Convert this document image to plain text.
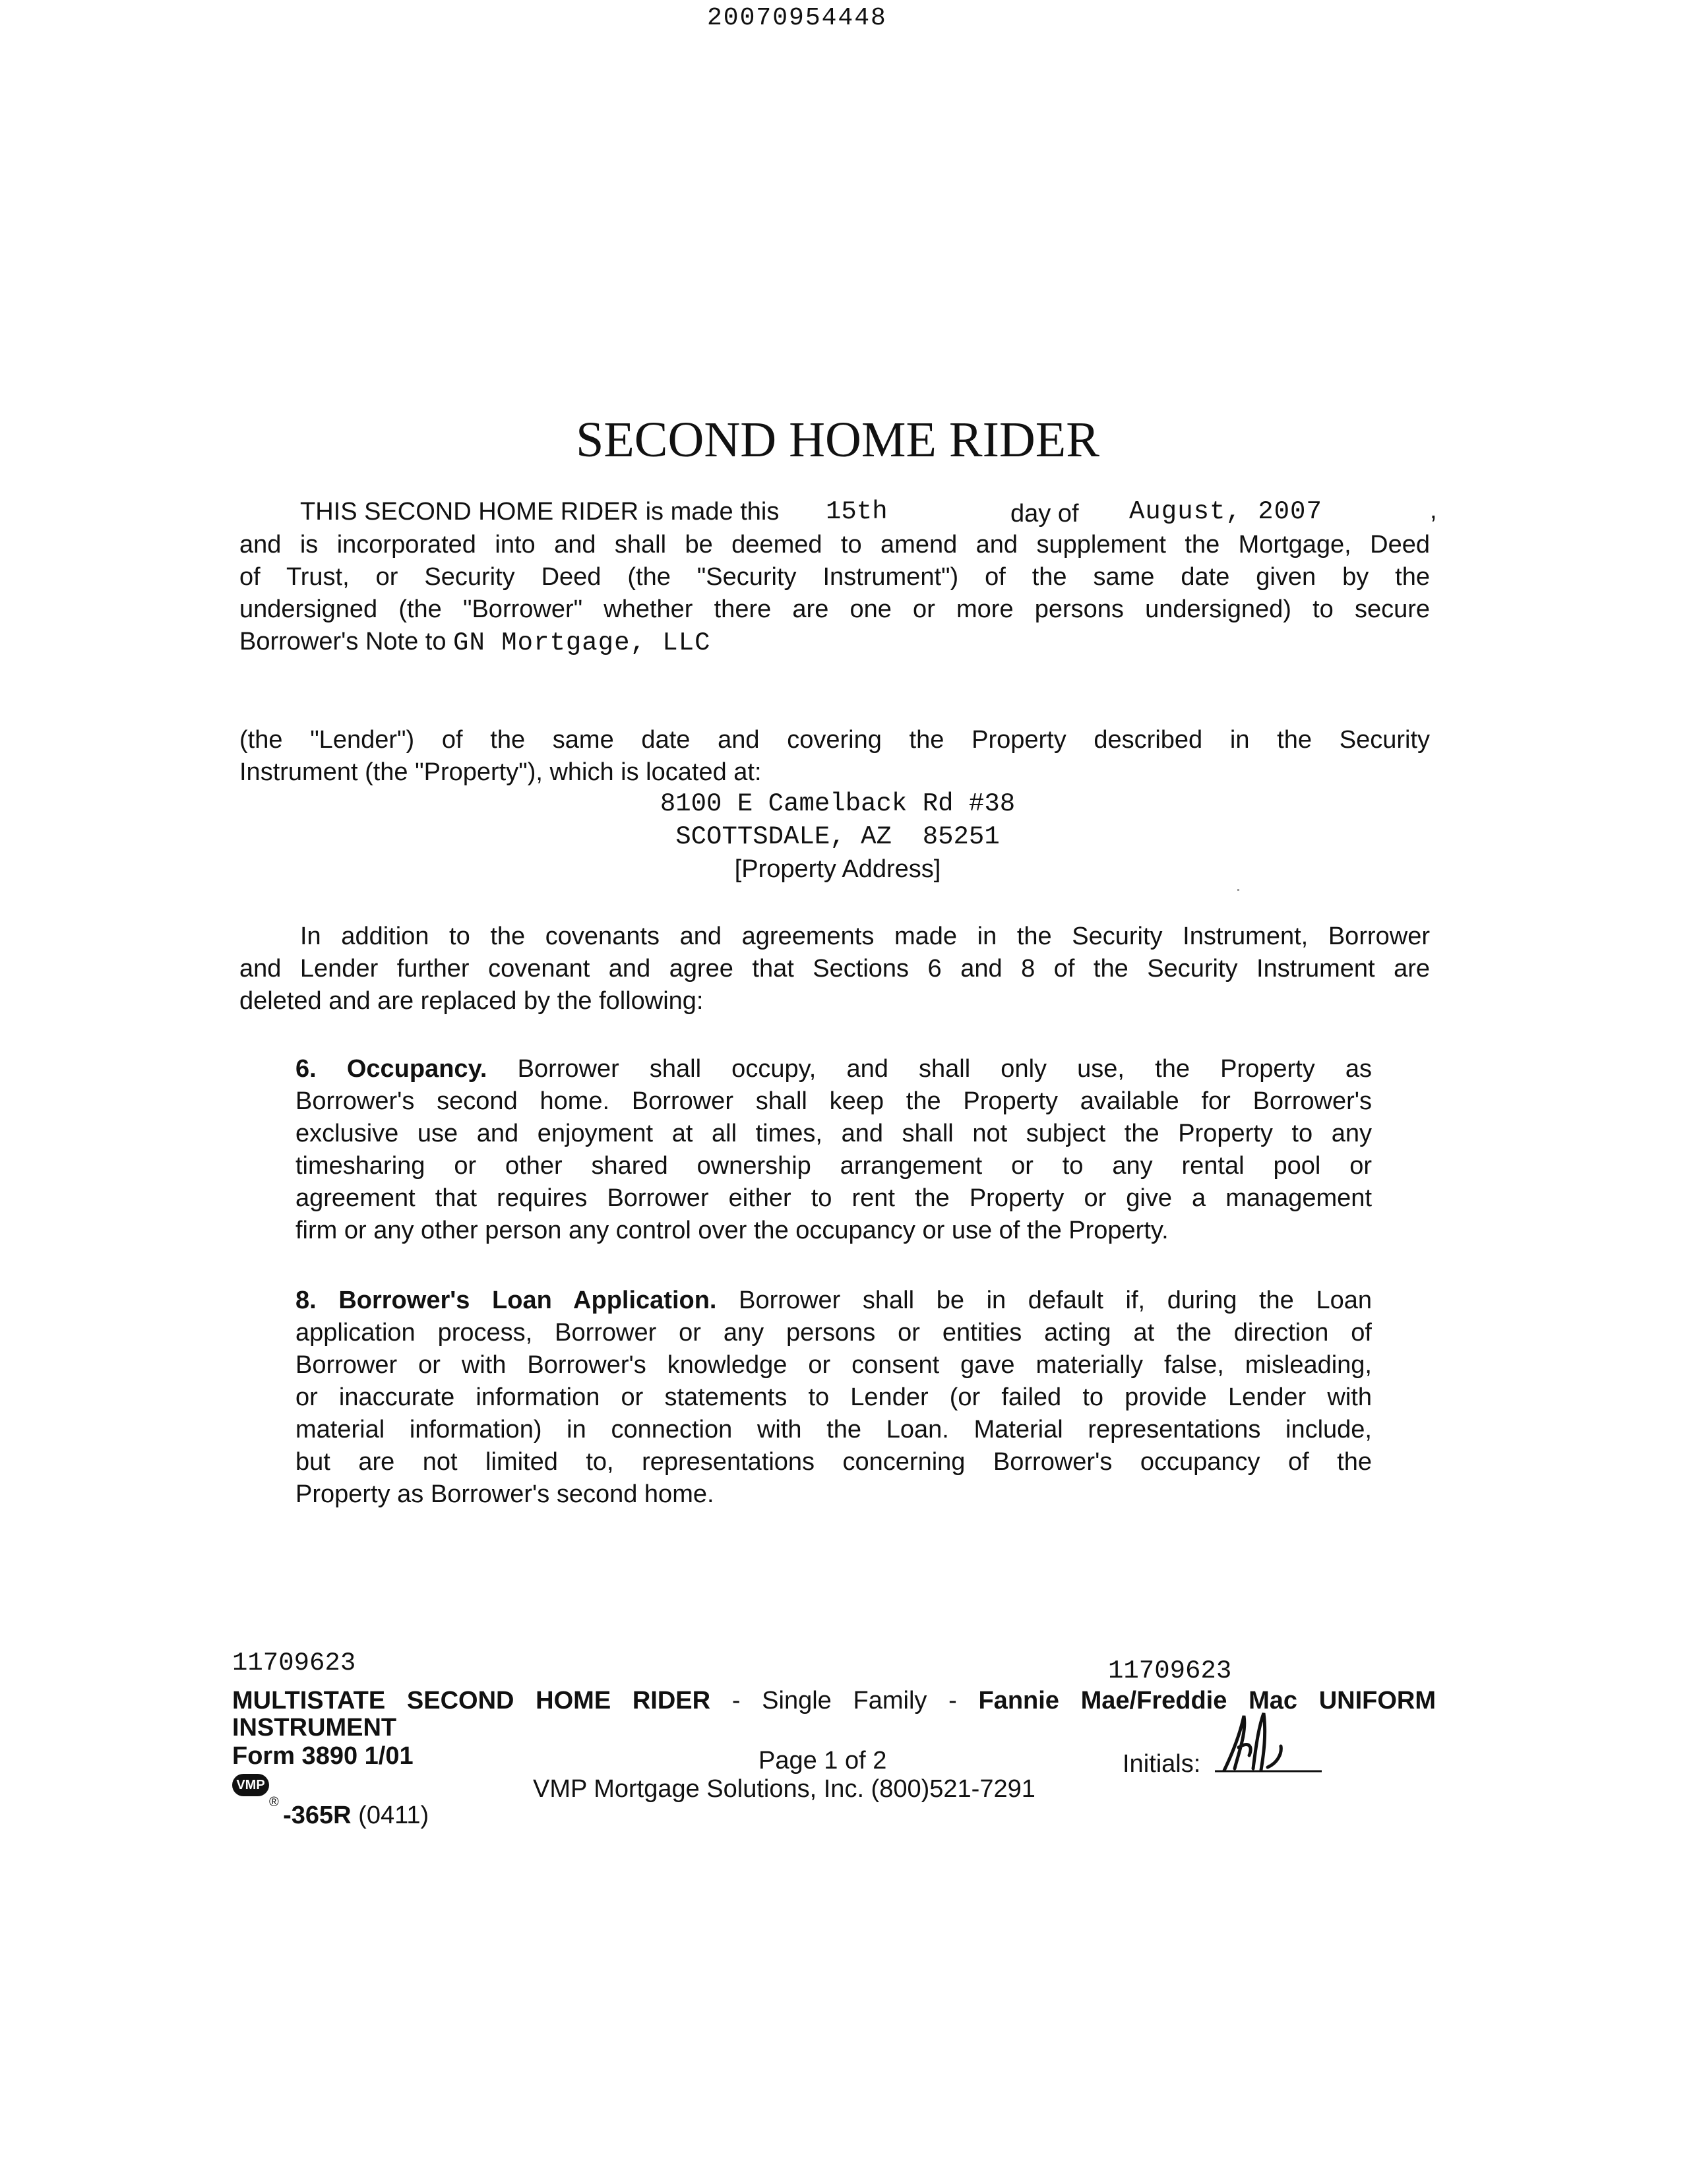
20070954448
SECOND HOME RIDER
THIS SECOND HOME RIDER is made this 15th	day of August, 2007	,
and is incorporated into and shall be deemed to amend and supplement the Mortgage, Deed
of Trust, or Security Deed (the "Security Instrument") of the same date given by the
undersigned (the "Borrower" whether there are one or more persons undersigned) to secure
Borrower's Note to GN Mortgage, LLC
(the "Lender") of the same date and covering the Property described in the Security
Instrument (the "Property"), which is located at:
8100 E Camelback Rd #38
SCOTTSDALE, AZ  85251
[Property Address]
In addition to the covenants and agreements made in the Security Instrument, Borrower
and Lender further covenant and agree that Sections 6 and 8 of the Security Instrument are
deleted and are replaced by the following:
6. Occupancy. Borrower shall occupy, and shall only use, the Property as
Borrower's second home. Borrower shall keep the Property available for Borrower's
exclusive use and enjoyment at all times, and shall not subject the Property to any
timesharing or other shared ownership arrangement or to any rental pool or
agreement that requires Borrower either to rent the Property or give a management
firm or any other person any control over the occupancy or use of the Property.
8. Borrower's Loan Application. Borrower shall be in default if, during the Loan
application process, Borrower or any persons or entities acting at the direction of
Borrower or with Borrower's knowledge or consent gave materially false, misleading,
or inaccurate information or statements to Lender (or failed to provide Lender with
material information) in connection with the Loan. Material representations include,
but are not limited to, representations concerning Borrower's occupancy of the
Property as Borrower's second home.
11709623	11709623
MULTISTATE SECOND HOME RIDER - Single Family - Fannie Mae/Freddie Mac UNIFORM
INSTRUMENT
Form 3890 1/01	Page 1 of 2	Initials:
VMP

-365R (0411)

®	VMP Mortgage Solutions, Inc. (800)521-7291
